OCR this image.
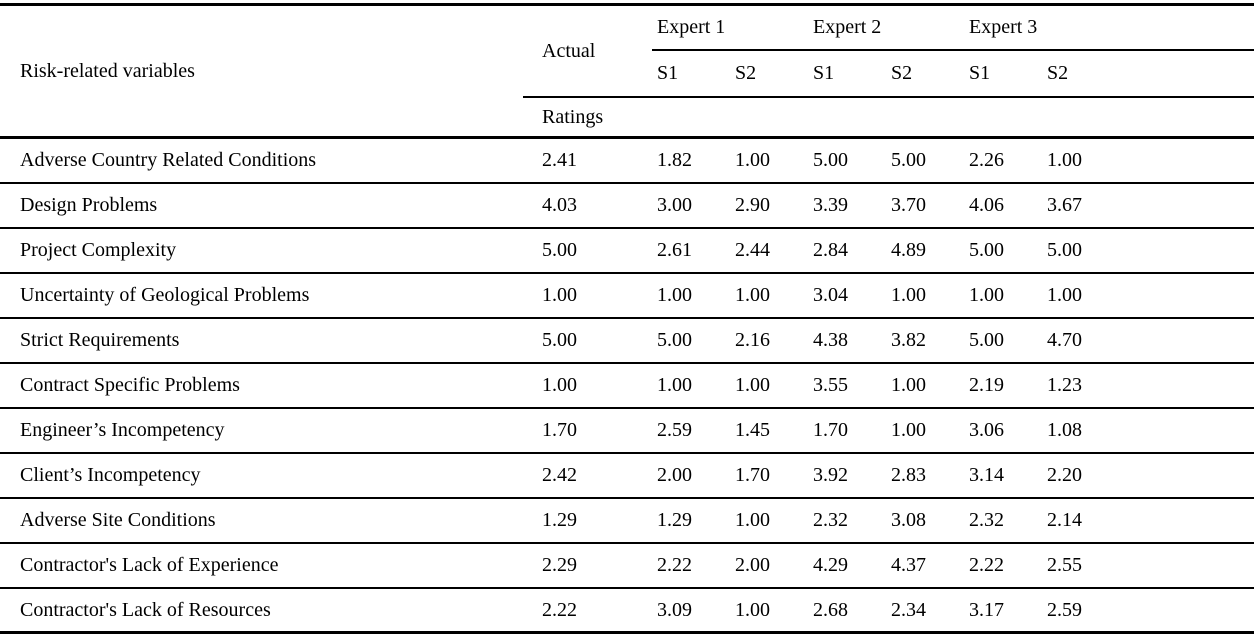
Risk-related variables	Actual	Expert 1		Expert 2		Expert 3	
		S1	S2	S1	S2	S1	S2
	Ratings						
Adverse Country Related Conditions	2.41	1.82	1.00	5.00	5.00	2.26	1.00
Design Problems	4.03	3.00	2.90	3.39	3.70	4.06	3.67
Project Complexity	5.00	2.61	2.44	2.84	4.89	5.00	5.00
Uncertainty of Geological Problems	1.00	1.00	1.00	3.04	1.00	1.00	1.00
Strict Requirements	5.00	5.00	2.16	4.38	3.82	5.00	4.70
Contract Specific Problems	1.00	1.00	1.00	3.55	1.00	2.19	1.23
Engineer’s Incompetency	1.70	2.59	1.45	1.70	1.00	3.06	1.08
Client’s Incompetency	2.42	2.00	1.70	3.92	2.83	3.14	2.20
Adverse Site Conditions	1.29	1.29	1.00	2.32	3.08	2.32	2.14
Contractor's Lack of Experience	2.29	2.22	2.00	4.29	4.37	2.22	2.55
Contractor's Lack of Resources	2.22	3.09	1.00	2.68	2.34	3.17	2.59
